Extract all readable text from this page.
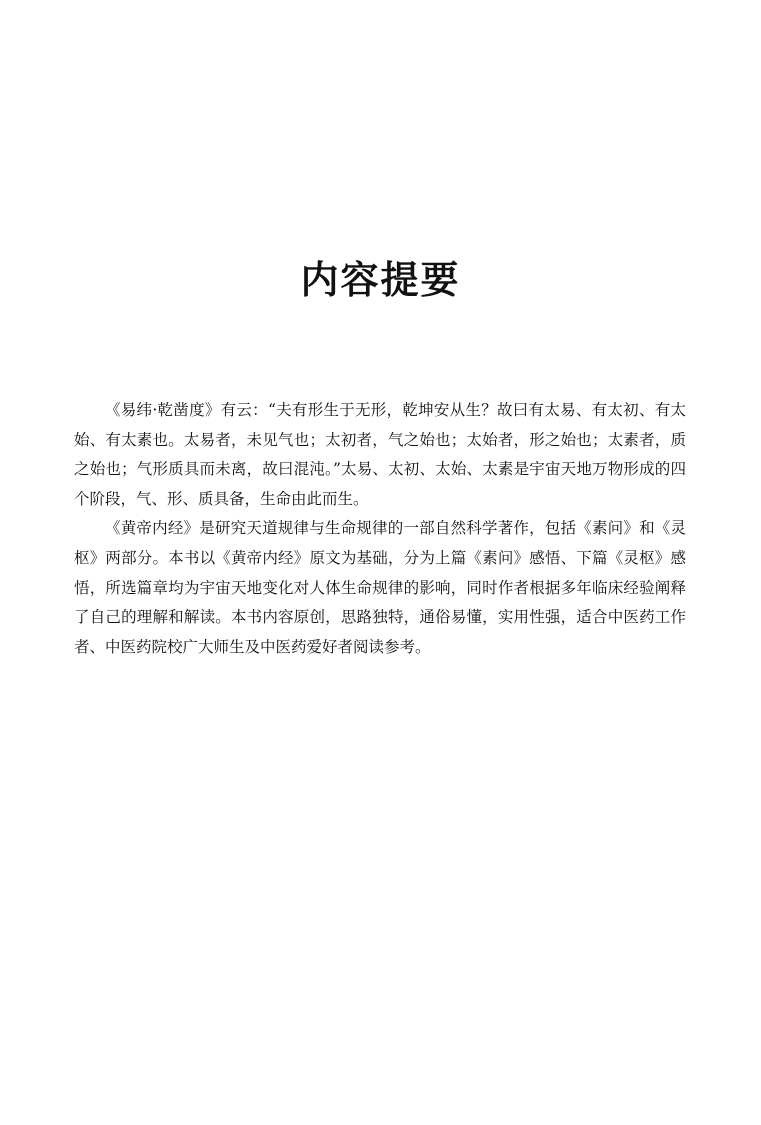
内容提要

《易纬·乾凿度》有云：“夫有形生于无形，乾坤安从生？故曰有太易、有太初、有太始、有太素也。太易者，未见气也；太初者，气之始也；太始者，形之始也；太素者，质之始也；气形质具而未离，故曰混沌。”太易、太初、太始、太素是宇宙天地万物形成的四个阶段，气、形、质具备，生命由此而生。

《黄帝内经》是研究天道规律与生命规律的一部自然科学著作，包括《素问》和《灵枢》两部分。本书以《黄帝内经》原文为基础，分为上篇《素问》感悟、下篇《灵枢》感悟，所选篇章均为宇宙天地变化对人体生命规律的影响，同时作者根据多年临床经验阐释了自己的理解和解读。本书内容原创，思路独特，通俗易懂，实用性强，适合中医药工作者、中医药院校广大师生及中医药爱好者阅读参考。
